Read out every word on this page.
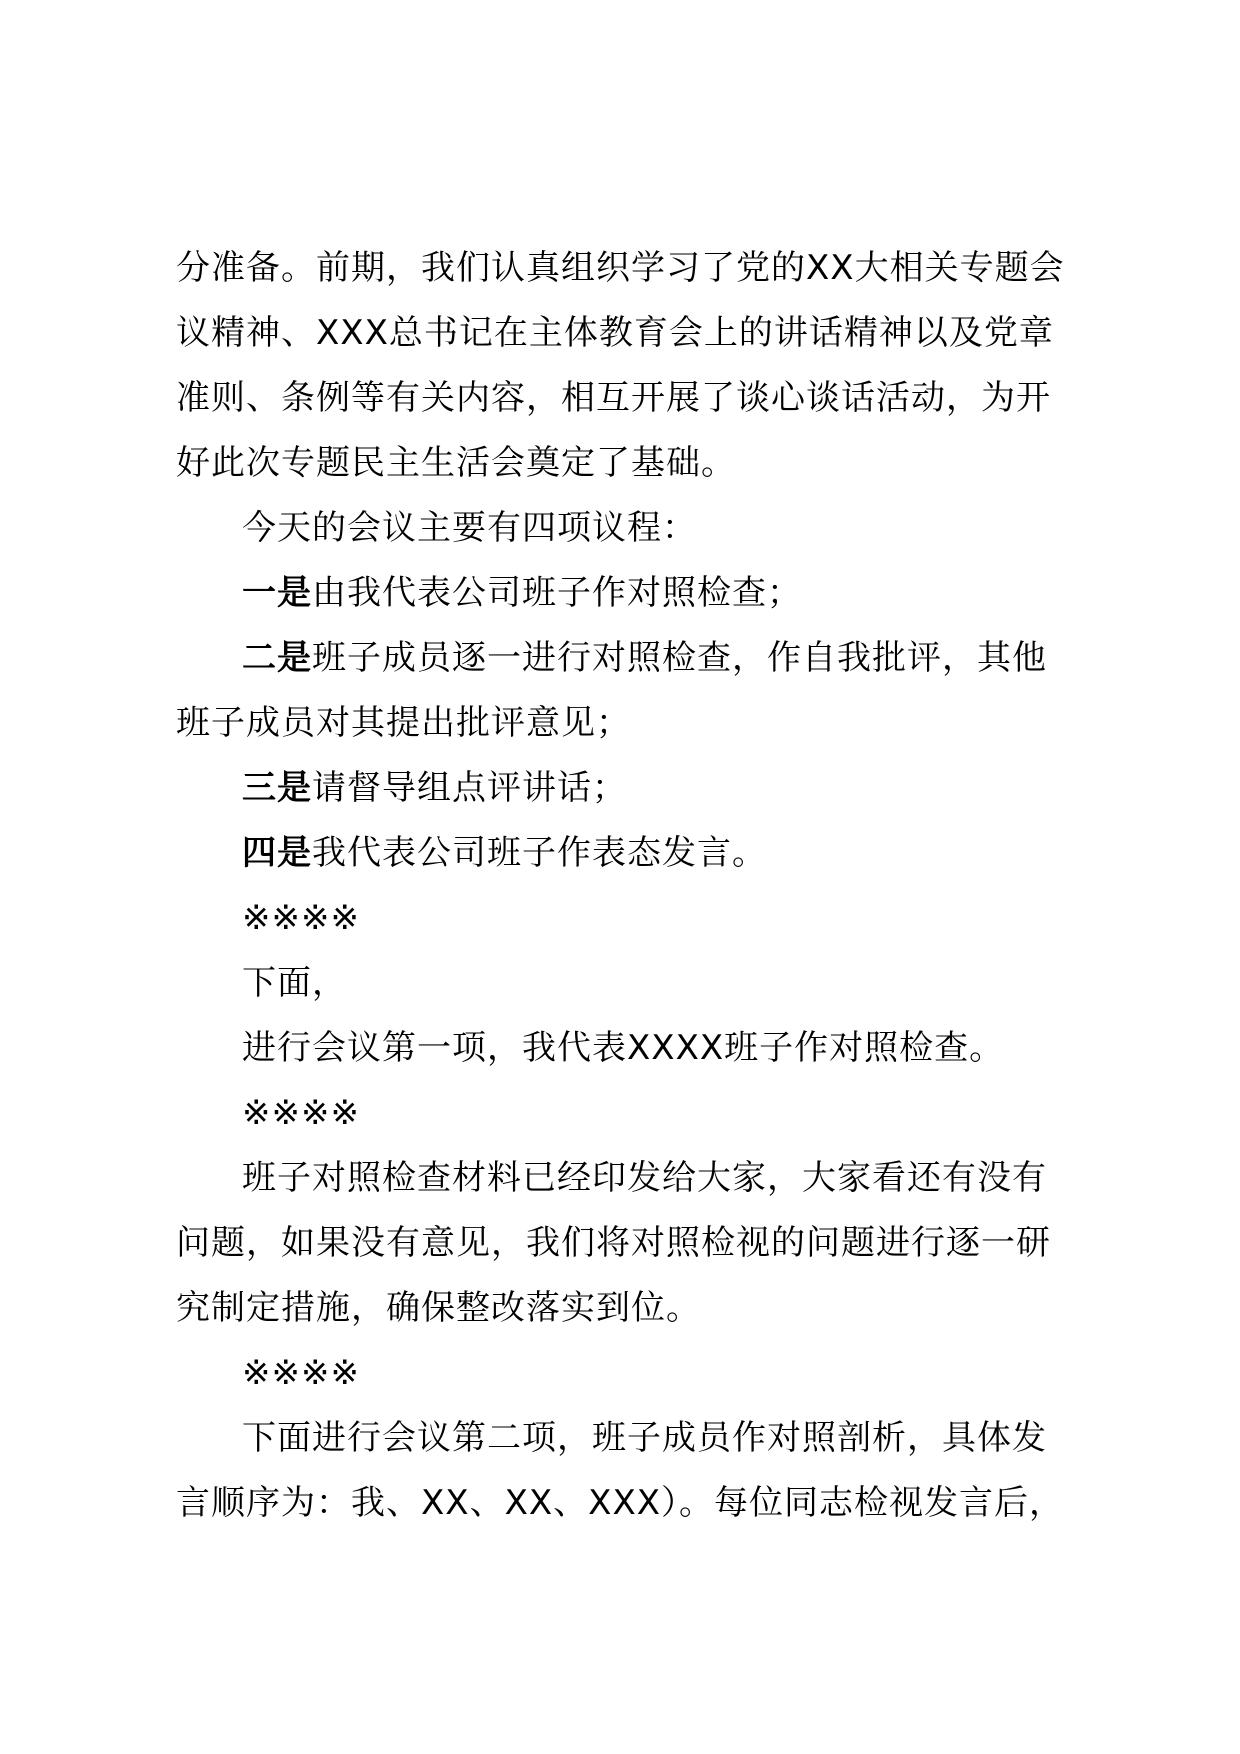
分准备。前期，我们认真组织学习了党的XX大相关专题会
议精神、XXX总书记在主体教育会上的讲话精神以及党章
准则、条例等有关内容，相互开展了谈心谈话活动，为开
好此次专题民主生活会奠定了基础。
今天的会议主要有四项议程：
一是由我代表公司班子作对照检查；
二是班子成员逐一进行对照检查，作自我批评，其他
班子成员对其提出批评意见；
三是请督导组点评讲话；
四是我代表公司班子作表态发言。
※※※※
下面，
进行会议第一项，我代表XXXX班子作对照检查。
※※※※
班子对照检查材料已经印发给大家，大家看还有没有
问题，如果没有意见，我们将对照检视的问题进行逐一研
究制定措施，确保整改落实到位。
※※※※
下面进行会议第二项，班子成员作对照剖析，具体发
言顺序为：我、XX、XX、XXX）。每位同志检视发言后，
